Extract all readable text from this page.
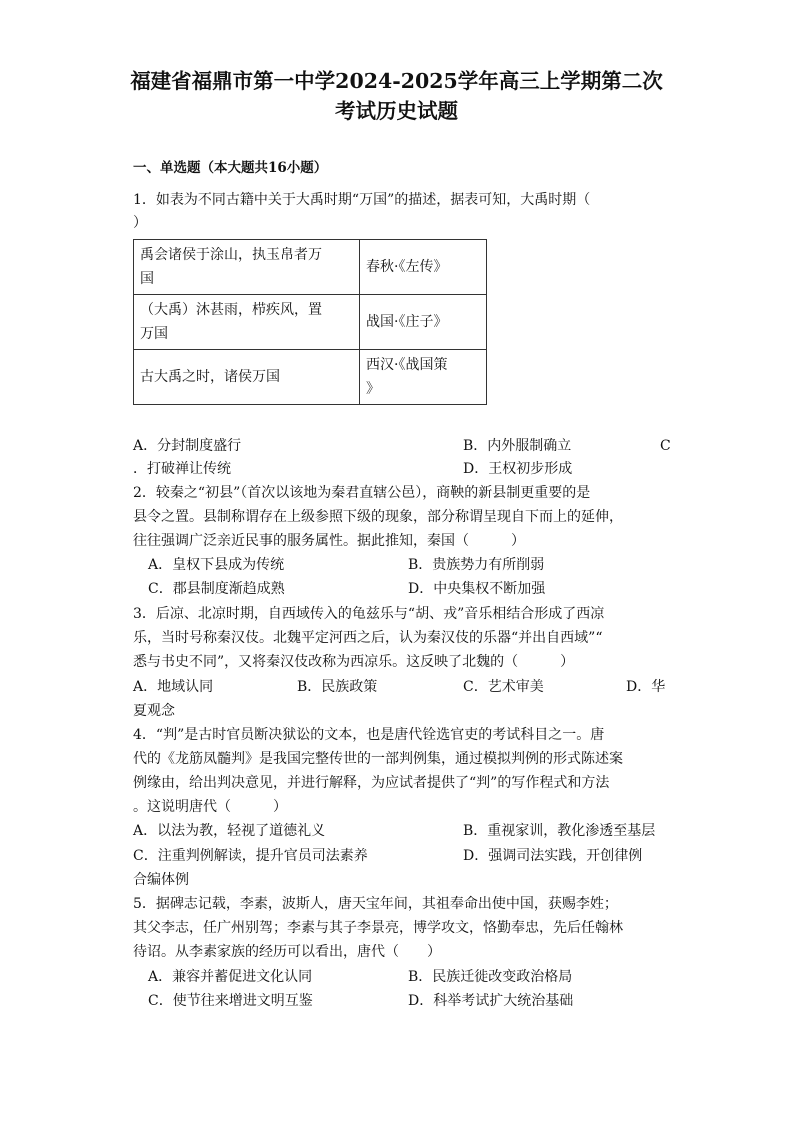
福建省福鼎市第一中学2024-2025学年高三上学期第二次
考试历史试题
一、单选题（本大题共16小题）
1．如表为不同古籍中关于大禹时期“万国”的描述，据表可知，大禹时期（
）
禹会诸侯于涂山，执玉帛者万
国	春秋·《左传》
（大禹）沐甚雨，栉疾风，置
万国	战国·《庄子》
古大禹之时，诸侯万国	西汉·《战国策
》
A．分封制度盛行	B．内外服制确立	C
．打破禅让传统	D．王权初步形成
2．较秦之“初县”（首次以该地为秦君直辖公邑），商鞅的新县制更重要的是
县令之置。县制称谓存在上级参照下级的现象，部分称谓呈现自下而上的延伸，
往往强调广泛亲近民事的服务属性。据此推知，秦国（　　　）
A．皇权下县成为传统	B．贵族势力有所削弱
C．郡县制度渐趋成熟	D．中央集权不断加强
3．后凉、北凉时期，自西域传入的龟兹乐与“胡、戎”音乐相结合形成了西凉
乐，当时号称秦汉伎。北魏平定河西之后，认为秦汉伎的乐器“并出自西域”“
悉与书史不同”，又将秦汉伎改称为西凉乐。这反映了北魏的（　　　）
A．地域认同	B．民族政策	C．艺术审美	D．华
夏观念
4．“判”是古时官员断决狱讼的文本，也是唐代铨选官吏的考试科目之一。唐
代的《龙筋凤髓判》是我国完整传世的一部判例集，通过模拟判例的形式陈述案
例缘由，给出判决意见，并进行解释，为应试者提供了“判”的写作程式和方法
。这说明唐代（　　　）
A．以法为教，轻视了道德礼义	B．重视家训，教化渗透至基层
C．注重判例解读，提升官员司法素养	D．强调司法实践，开创律例
合编体例
5．据碑志记载，李素，波斯人，唐天宝年间，其祖奉命出使中国，获赐李姓；
其父李志，任广州别驾；李素与其子李景亮，博学攻文，恪勤奉忠，先后任翰林
待诏。从李素家族的经历可以看出，唐代（　　）
A．兼容并蓄促进文化认同	B．民族迁徙改变政治格局
C．使节往来增进文明互鉴	D．科举考试扩大统治基础
